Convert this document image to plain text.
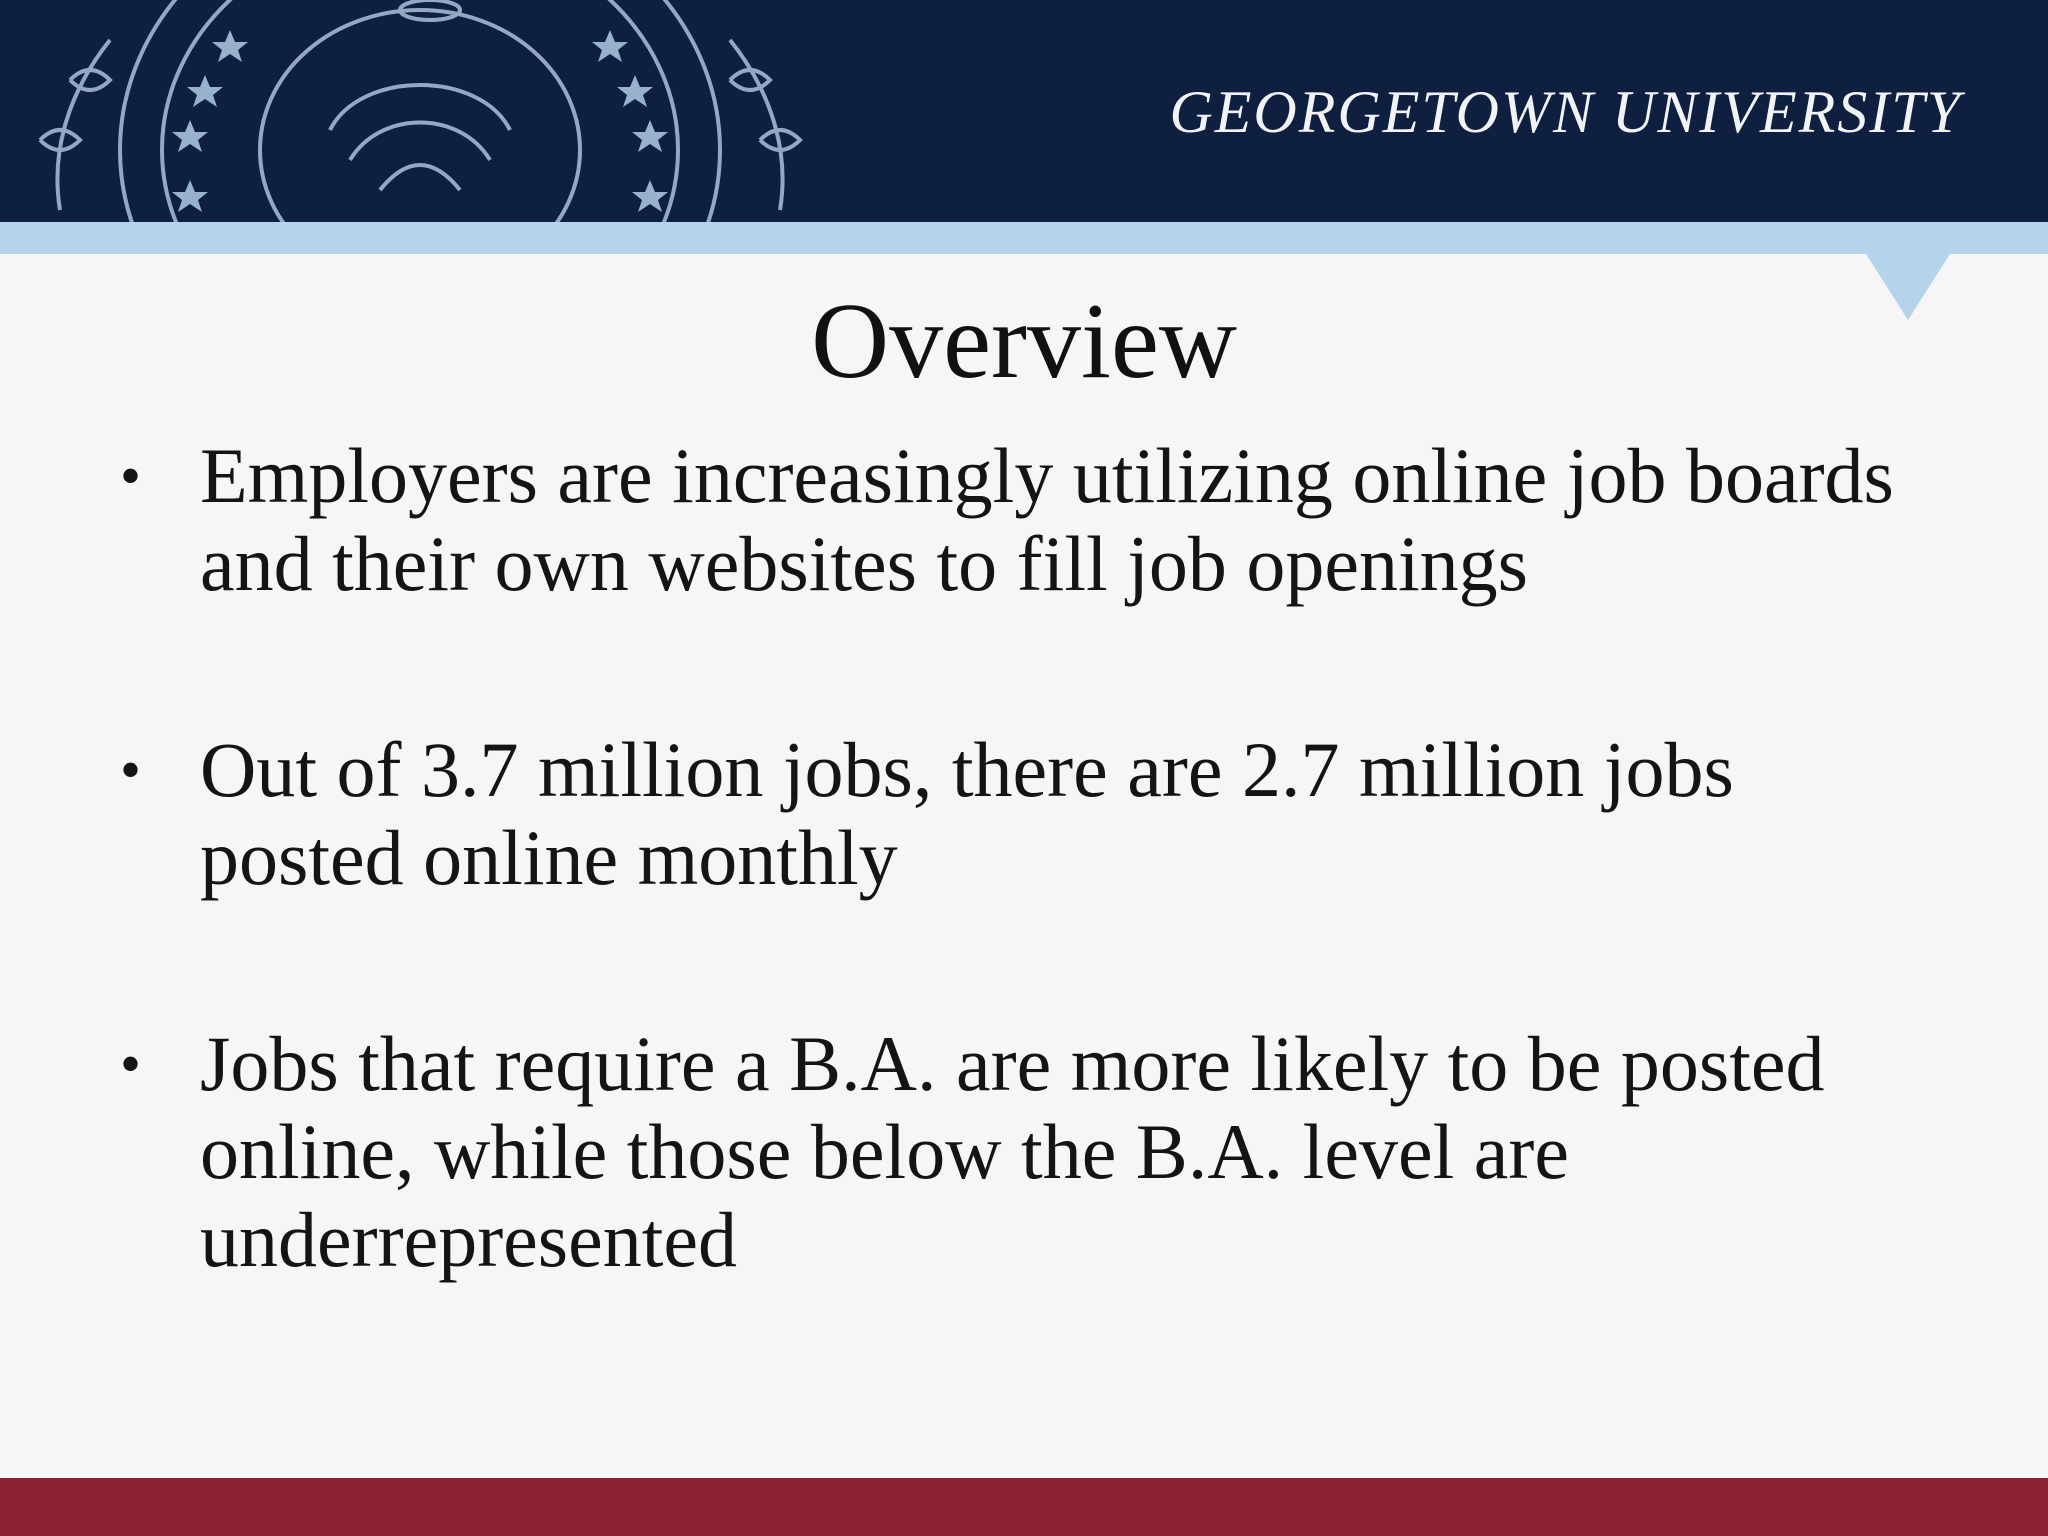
GEORGETOWN UNIVERSITY
Overview
• Employers are increasingly utilizing online job boards and their own websites to fill job openings
• Out of 3.7 million jobs, there are 2.7 million jobs posted online monthly
• Jobs that require a B.A. are more likely to be posted online, while those below the B.A. level are underrepresented
